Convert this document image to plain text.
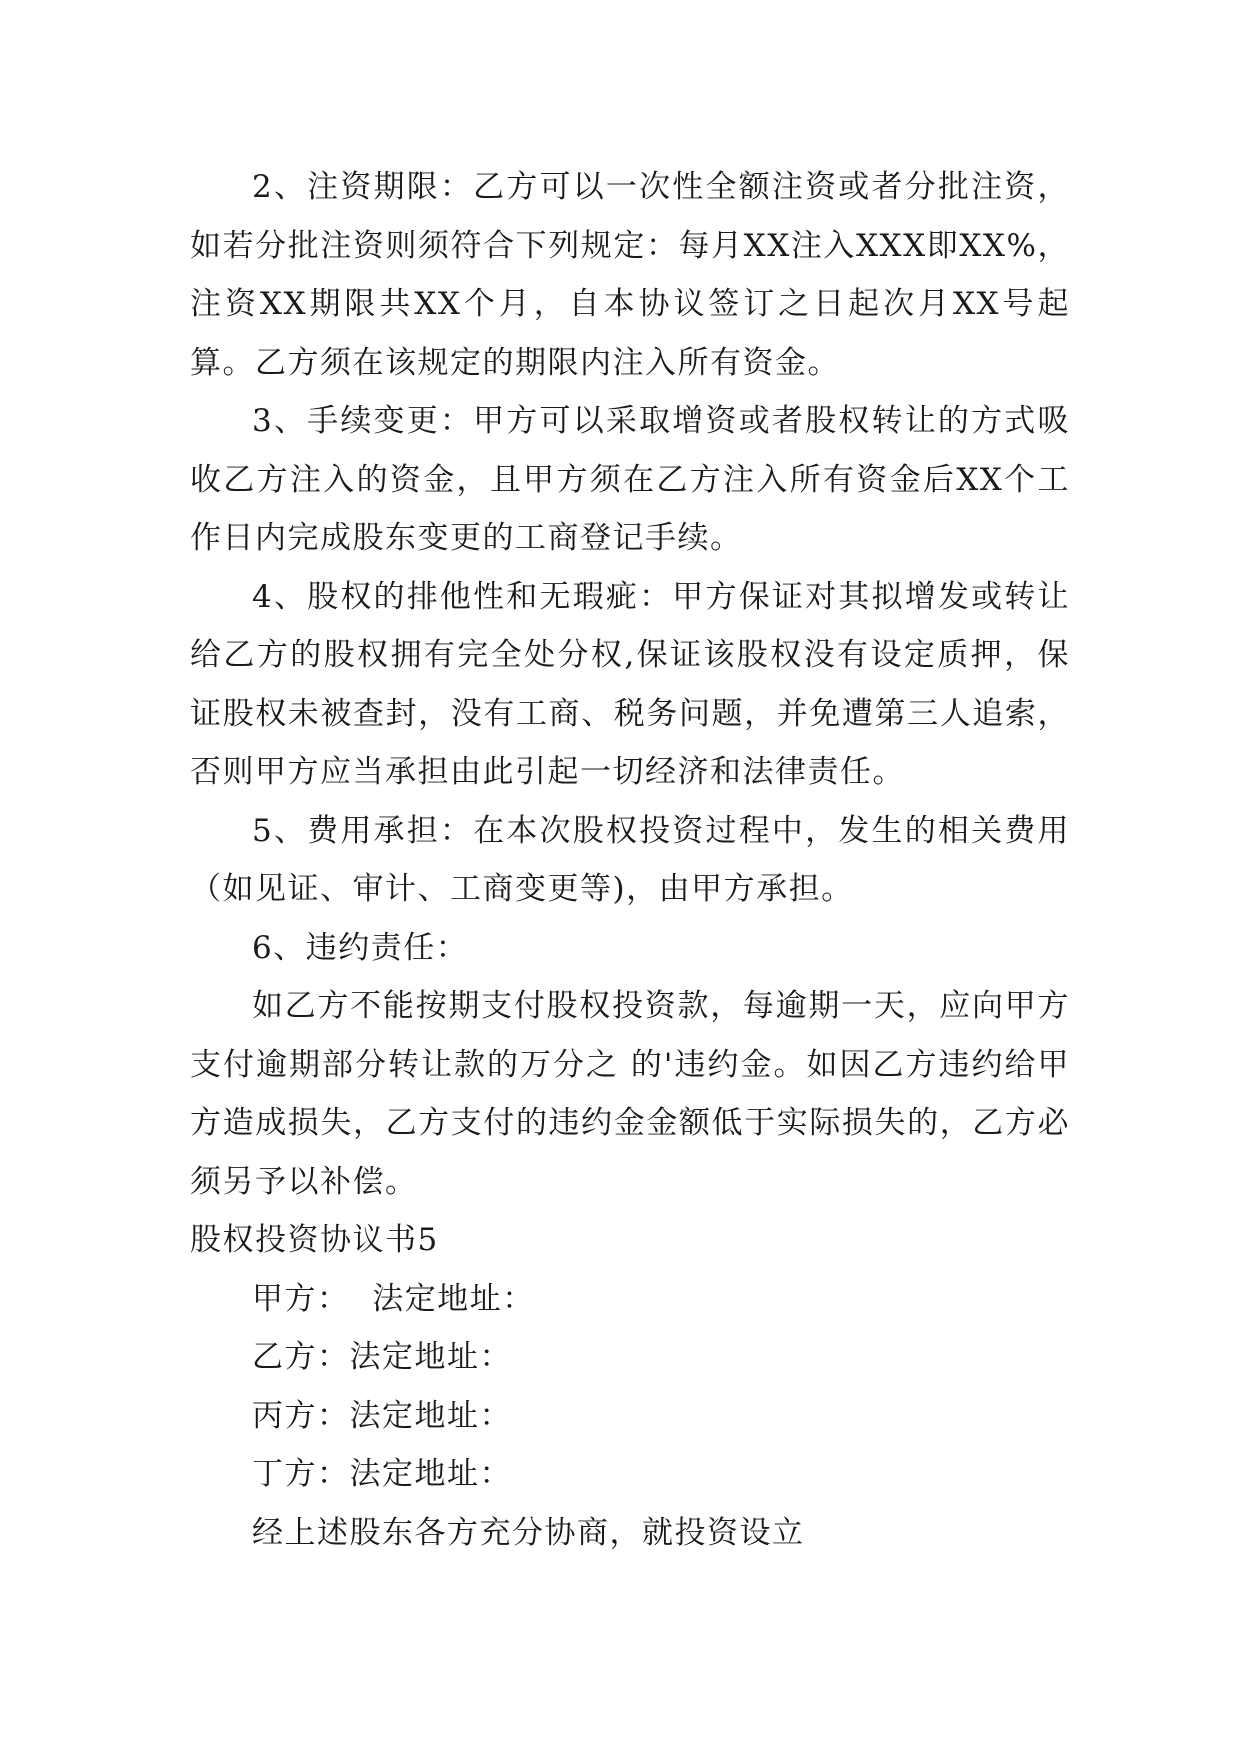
2、注资期限：乙方可以一次性全额注资或者分批注资，如若分批注资则须符合下列规定：每月XX注入XXX即XX%，注资XX期限共XX个月，自本协议签订之日起次月XX号起算。乙方须在该规定的期限内注入所有资金。

3、手续变更：甲方可以采取增资或者股权转让的方式吸收乙方注入的资金，且甲方须在乙方注入所有资金后XX个工作日内完成股东变更的工商登记手续。

4、股权的排他性和无瑕疵：甲方保证对其拟增发或转让给乙方的股权拥有完全处分权,保证该股权没有设定质押，保证股权未被查封，没有工商、税务问题，并免遭第三人追索，否则甲方应当承担由此引起一切经济和法律责任。

5、费用承担：在本次股权投资过程中，发生的相关费用（如见证、审计、工商变更等)，由甲方承担。

6、违约责任：

如乙方不能按期支付股权投资款，每逾期一天，应向甲方支付逾期部分转让款的万分之 的'违约金。如因乙方违约给甲方造成损失，乙方支付的违约金金额低于实际损失的，乙方必须另予以补偿。

股权投资协议书5

甲方：  法定地址：

乙方：法定地址：

丙方：法定地址：

丁方：法定地址：

经上述股东各方充分协商，就投资设立
